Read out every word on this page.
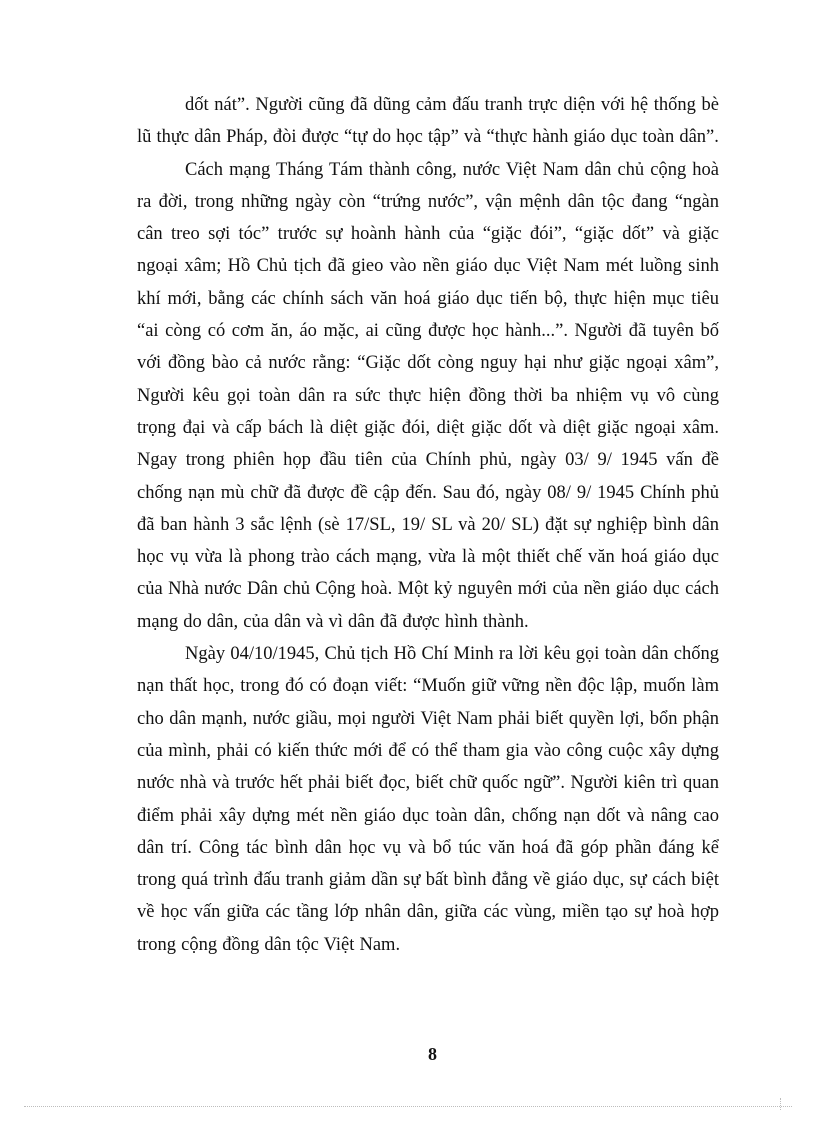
dốt nát”. Người cũng đã dũng cảm đấu tranh trực diện với hệ thống bè lũ thực dân Pháp, đòi được “tự do học tập” và “thực hành giáo dục toàn dân”.

Cách mạng Tháng Tám thành công, nước Việt Nam dân chủ cộng hoà ra đời, trong những ngày còn “trứng nước”, vận mệnh dân tộc đang “ngàn cân treo sợi tóc” trước sự hoành hành của “giặc đói”, “giặc dốt” và giặc ngoại xâm; Hồ Chủ tịch đã gieo vào nền giáo dục Việt Nam mét luồng sinh khí mới, bằng các chính sách văn hoá giáo dục tiến bộ, thực hiện mục tiêu “ai còng có cơm ăn, áo mặc, ai cũng được học hành...”. Người đã tuyên bố với đồng bào cả nước rằng: “Giặc dốt còng nguy hại như giặc ngoại xâm”, Người kêu gọi toàn dân ra sức thực hiện đồng thời ba nhiệm vụ vô cùng trọng đại và cấp bách là diệt giặc đói, diệt giặc dốt và diệt giặc ngoại xâm. Ngay trong phiên họp đầu tiên của Chính phủ, ngày 03/ 9/ 1945 vấn đề chống nạn mù chữ đã được đề cập đến. Sau đó, ngày 08/ 9/ 1945 Chính phủ đã ban hành 3 sắc lệnh (sè 17/SL, 19/ SL và 20/ SL) đặt sự nghiệp bình dân học vụ vừa là phong trào cách mạng, vừa là một thiết chế văn hoá giáo dục của Nhà nước Dân chủ Cộng hoà. Một kỷ nguyên mới của nền giáo dục cách mạng do dân, của dân và vì dân đã được hình thành.

Ngày 04/10/1945, Chủ tịch Hồ Chí Minh ra lời kêu gọi toàn dân chống nạn thất học, trong đó có đoạn viết: “Muốn giữ vững nền độc lập, muốn làm cho dân mạnh, nước giầu, mọi người Việt Nam phải biết quyền lợi, bổn phận của mình, phải có kiến thức mới để có thể tham gia vào công cuộc xây dựng nước nhà và trước hết phải biết đọc, biết chữ quốc ngữ”. Người kiên trì quan điểm phải xây dựng mét nền giáo dục toàn dân, chống nạn dốt và nâng cao dân trí. Công tác bình dân học vụ và bổ túc văn hoá đã góp phần đáng kể trong quá trình đấu tranh giảm dần sự bất bình đẳng về giáo dục, sự cách biệt về học vấn giữa các tầng lớp nhân dân, giữa các vùng, miền tạo sự hoà hợp trong cộng đồng dân tộc Việt Nam.

8
